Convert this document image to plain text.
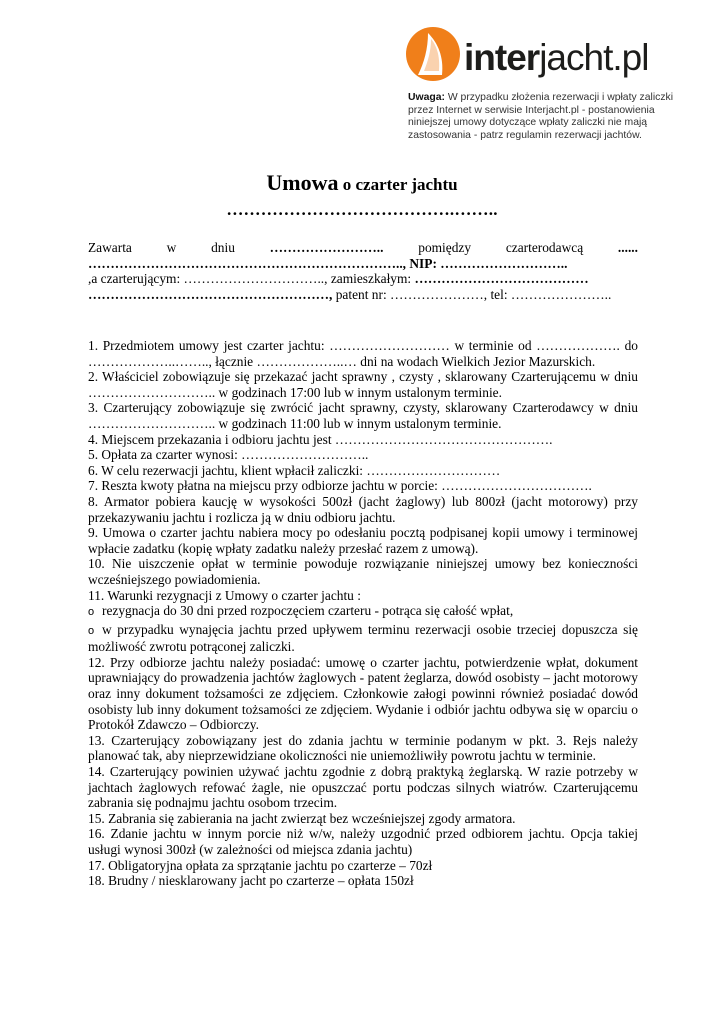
interjacht.pl
Uwaga: W przypadku złożenia rezerwacji i wpłaty zaliczki
przez Internet w serwisie Interjacht.pl - postanowienia
niniejszej umowy dotyczące wpłaty zaliczki nie mają
zastosowania - patrz regulamin rezerwacji jachtów.
Umowa o czarter jachtu
………………………………….……..
Zawarta	w	dniu	……………………..	pomiędzy	czarterodawcą	......
…………………………………………………………….., NIP: ………………………..
,a czarterującym: ………………………….., zamieszkałym: …………………………………
………………………………………………, patent nr: …………………, tel: …………………..

1. Przedmiotem umowy jest czarter jachtu: ……………………… w terminie od ………………. do ………………..…….., łącznie ………………..… dni na wodach Wielkich Jezior Mazurskich.

2. Właściciel zobowiązuje się przekazać jacht sprawny , czysty , sklarowany Czarterującemu w dniu ……………………….. w godzinach 17:00 lub w innym ustalonym terminie.

3. Czarterujący zobowiązuje się zwrócić jacht sprawny, czysty, sklarowany Czarterodawcy w dniu ……………………….. w godzinach 11:00 lub w innym ustalonym terminie.

4. Miejscem przekazania i odbioru jachtu jest ………………………………………….

5. Opłata za czarter wynosi: ………………………..

6. W celu rezerwacji jachtu, klient wpłacił zaliczki: …………………………

7. Reszta kwoty płatna na miejscu przy odbiorze jachtu w porcie: …………………………….

8. Armator pobiera kaucję w wysokości 500zł (jacht żaglowy) lub 800zł (jacht motorowy) przy przekazywaniu jachtu i rozlicza ją w dniu odbioru jachtu.

9. Umowa o czarter jachtu nabiera mocy po odesłaniu pocztą podpisanej kopii umowy i terminowej wpłacie zadatku (kopię wpłaty zadatku należy przesłać razem z umową).

10. Nie uiszczenie opłat w terminie powoduje rozwiązanie niniejszej umowy bez konieczności wcześniejszego powiadomienia.

11. Warunki rezygnacji z Umowy o czarter jachtu :

o rezygnacja do 30 dni przed rozpoczęciem czarteru - potrąca się całość wpłat,

o w przypadku wynajęcia jachtu przed upływem terminu rezerwacji osobie trzeciej dopuszcza się możliwość zwrotu potrąconej zaliczki.

12. Przy odbiorze jachtu należy posiadać: umowę o czarter jachtu, potwierdzenie wpłat, dokument uprawniający do prowadzenia jachtów żaglowych - patent żeglarza, dowód osobisty – jacht motorowy oraz inny dokument tożsamości ze zdjęciem. Członkowie załogi powinni również posiadać dowód osobisty lub inny dokument tożsamości ze zdjęciem. Wydanie i odbiór jachtu odbywa się w oparciu o Protokół Zdawczo – Odbiorczy.

13. Czarterujący zobowiązany jest do zdania jachtu w terminie podanym w pkt. 3. Rejs należy planować tak, aby nieprzewidziane okoliczności nie uniemożliwiły powrotu jachtu w terminie.

14. Czarterujący powinien używać jachtu zgodnie z dobrą praktyką żeglarską. W razie potrzeby w jachtach żaglowych refować żagle, nie opuszczać portu podczas silnych wiatrów. Czarterującemu zabrania się podnajmu jachtu osobom trzecim.

15. Zabrania się zabierania na jacht zwierząt bez wcześniejszej zgody armatora.

16. Zdanie jachtu w innym porcie niż w/w, należy uzgodnić przed odbiorem jachtu. Opcja takiej usługi wynosi 300zł (w zależności od miejsca zdania jachtu)

17. Obligatoryjna opłata za sprzątanie jachtu po czarterze – 70zł

18. Brudny / niesklarowany jacht po czarterze – opłata 150zł
